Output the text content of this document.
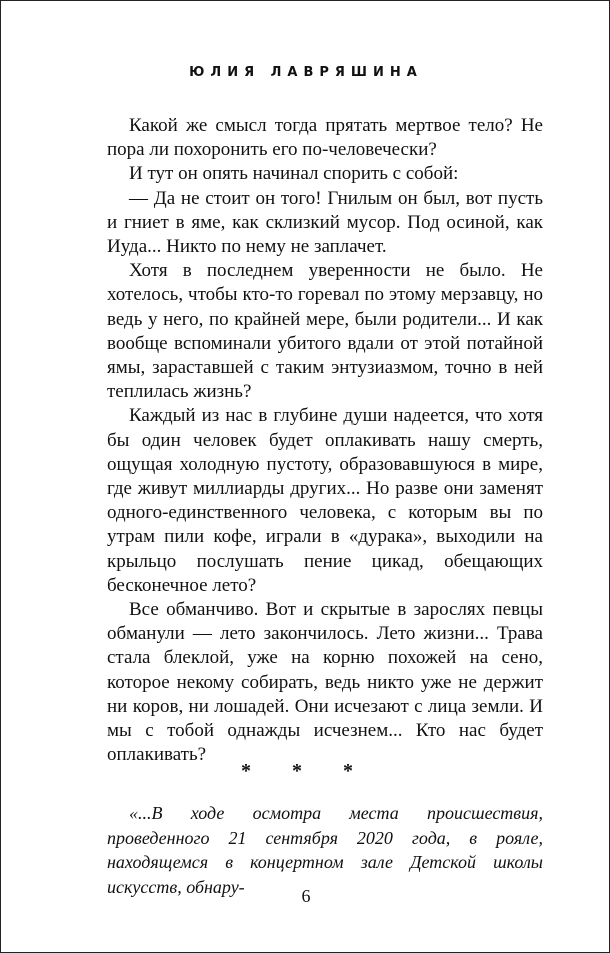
ЮЛИЯ ЛАВРЯШИНА

Какой же смысл тогда прятать мертвое тело? Не пора ли похоронить его по-человечески?

И тут он опять начинал спорить с собой:

— Да не стоит он того! Гнилым он был, вот пусть и гниет в яме, как склизкий мусор. Под осиной, как Иуда... Никто по нему не заплачет.

Хотя в последнем уверенности не было. Не хотелось, чтобы кто-то горевал по этому мерзавцу, но ведь у него, по крайней мере, были родители... И как вообще вспоминали убитого вдали от этой потайной ямы, зараставшей с таким энтузиазмом, точно в ней теплилась жизнь?

Каждый из нас в глубине души надеется, что хотя бы один человек будет оплакивать нашу смерть, ощущая холодную пустоту, образовавшуюся в мире, где живут миллиарды других... Но разве они заменят одного-единственного человека, с которым вы по утрам пили кофе, играли в «дурака», выходили на крыльцо послушать пение цикад, обещающих бесконечное лето?

Все обманчиво. Вот и скрытые в зарослях певцы обманули — лето закончилось. Лето жизни... Трава стала блеклой, уже на корню похожей на сено, которое некому собирать, ведь никто уже не держит ни коров, ни лошадей. Они исчезают с лица земли. И мы с тобой однажды исчезнем... Кто нас будет оплакивать?

* * *

«...В ходе осмотра места происшествия, проведенного 21 сентября 2020 года, в рояле, находящемся в концертном зале Детской школы искусств, обнару-	6
